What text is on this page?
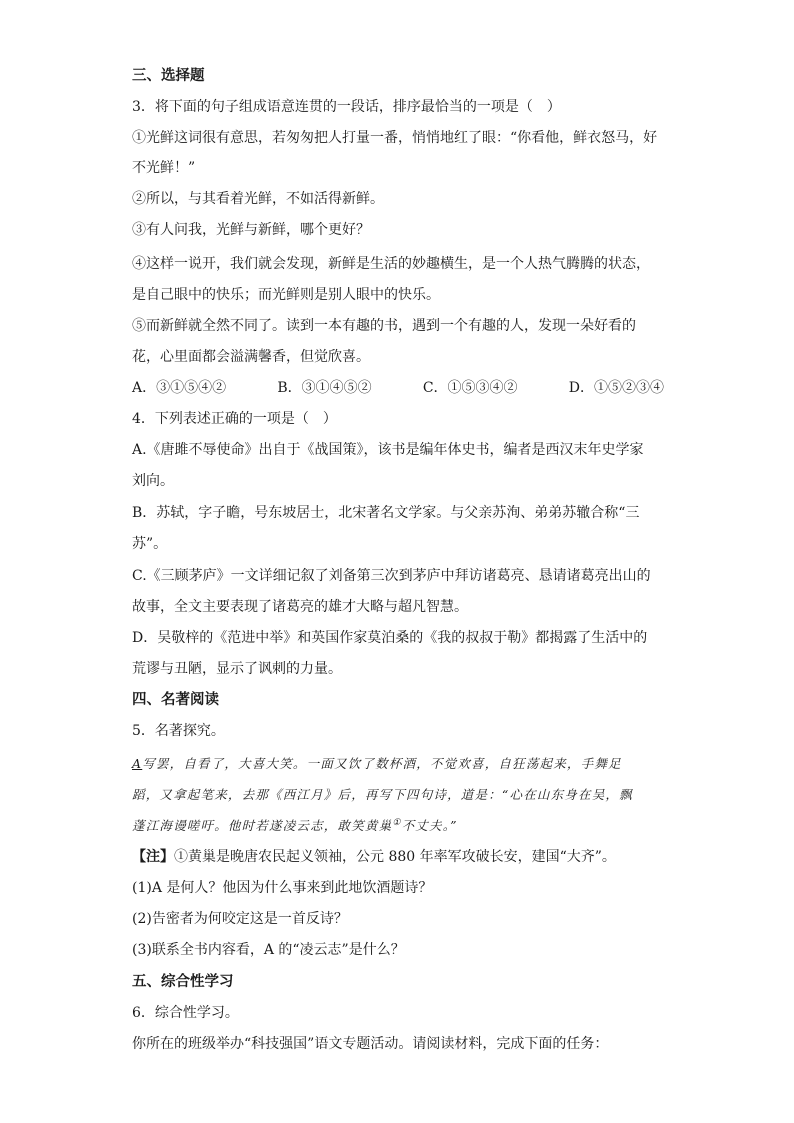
三、选择题
3．将下面的句子组成语意连贯的一段话，排序最恰当的一项是（　）
①光鲜这词很有意思，若匆匆把人打量一番，悄悄地红了眼：“你看他，鲜衣怒马，好
不光鲜！”
②所以，与其看着光鲜，不如活得新鲜。
③有人问我，光鲜与新鲜，哪个更好？
④这样一说开，我们就会发现，新鲜是生活的妙趣横生，是一个人热气腾腾的状态，
是自己眼中的快乐；而光鲜则是别人眼中的快乐。
⑤而新鲜就全然不同了。读到一本有趣的书，遇到一个有趣的人，发现一朵好看的
花，心里面都会溢满馨香，但觉欣喜。
A．③①⑤④②	B．③①④⑤②	C．①⑤③④②	D．①⑤②③④
4．下列表述正确的一项是（　）
A.《唐雎不辱使命》出自于《战国策》，该书是编年体史书，编者是西汉末年史学家
刘向。
B．苏轼，字子瞻，号东坡居士，北宋著名文学家。与父亲苏洵、弟弟苏辙合称“三
苏”。
C.《三顾茅庐》一文详细记叙了刘备第三次到茅庐中拜访诸葛亮、恳请诸葛亮出山的
故事，全文主要表现了诸葛亮的雄才大略与超凡智慧。
D．吴敬梓的《范进中举》和英国作家莫泊桑的《我的叔叔于勒》都揭露了生活中的
荒谬与丑陋，显示了讽刺的力量。
四、名著阅读
5．名著探究。
A写罢，自看了，大喜大笑。一面又饮了数杯酒，不觉欢喜，自狂荡起来，手舞足
蹈，又拿起笔来，去那《西江月》后，再写下四句诗，道是：“心在山东身在吴，飘
蓬江海谩嗟吁。他时若遂凌云志，敢笑黄巢①不丈夫。”
【注】①黄巢是晚唐农民起义领袖，公元 880 年率军攻破长安，建国“大齐”。
(1)A 是何人？他因为什么事来到此地饮酒题诗？
(2)告密者为何咬定这是一首反诗？
(3)联系全书内容看，A 的“凌云志”是什么？
五、综合性学习
6．综合性学习。
你所在的班级举办“科技强国”语文专题活动。请阅读材料，完成下面的任务：
